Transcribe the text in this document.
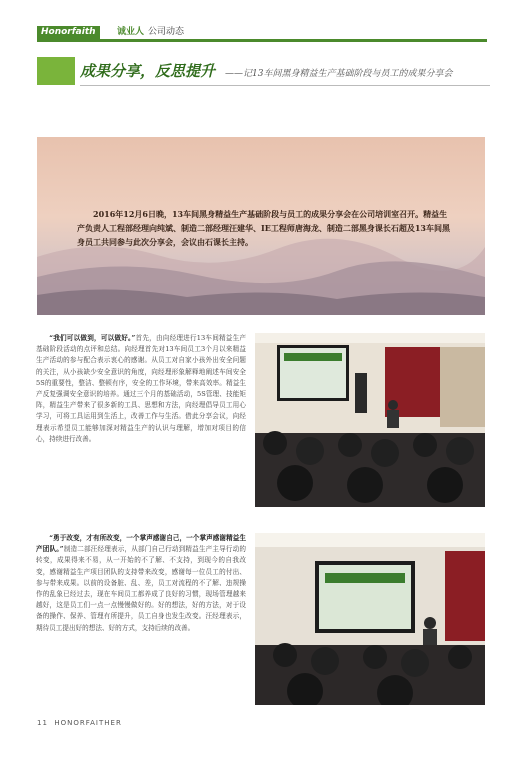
Honorfaith	诚业人 公司动态
成果分享，反思提升 ——记13车间黑身精益生产基础阶段与员工的成果分享会
2016年12月6日晚，13车间黑身精益生产基础阶段与员工的成果分享会在公司培训室召开。精益生产负责人工程部经理向纯斌、制造二部经理汪建华、IE工程师唐海龙、制造二部黑身课长石超及13车间黑身员工共同参与此次分享会，会议由石课长主持。

“我们可以做到，可以做好。”首先，由向经理进行13车间精益生产基础阶段活动的点评和总结。向经理首先对13车间员工3个月以来精益生产活动的参与配合表示衷心的感谢。从员工对自家小孩外出安全问题的关注，从小孩缺少安全意识的角度，向经理形象解释地阐述车间安全5S的重要性，整洁、整顿有序，安全的工作环境，带来高效率。精益生产反复强调安全意识的培养。通过三个月的基础活动，5S管理、技能矩阵，精益生产带来了很多新的工具、思想和方法，向经理倡导员工用心学习，可将工具运用到生活上，改善工作与生活。借此分享会议，向经理表示希望员工能够加深对精益生产的认识与理解，增加对项目的信心，持续进行改善。

“勇于改变，才有所改变，一个掌声感谢自己，一个掌声感谢精益生产团队。”制造二部汪经理表示，从部门自己行动到精益生产主导行动的转变，成果得来不易，从一开始的不了解、不支持，到现今的自我改变，感谢精益生产项目团队的支持带来改变，感谢每一位员工的付出、参与带来成果。以前的设备脏、乱、差，员工对流程的不了解、违规操作的乱象已经过去，现在车间员工都养成了良好的习惯，现场管理越来越好，这是员工们一点一点慢慢做好的。好的想法，好的方法，对于设备的操作、保养、管理有所提升，员工自身也发生改变。汪经理表示，期待员工提出好的想法、好的方式，支持后续的改善。

11 HONORFAITHER
